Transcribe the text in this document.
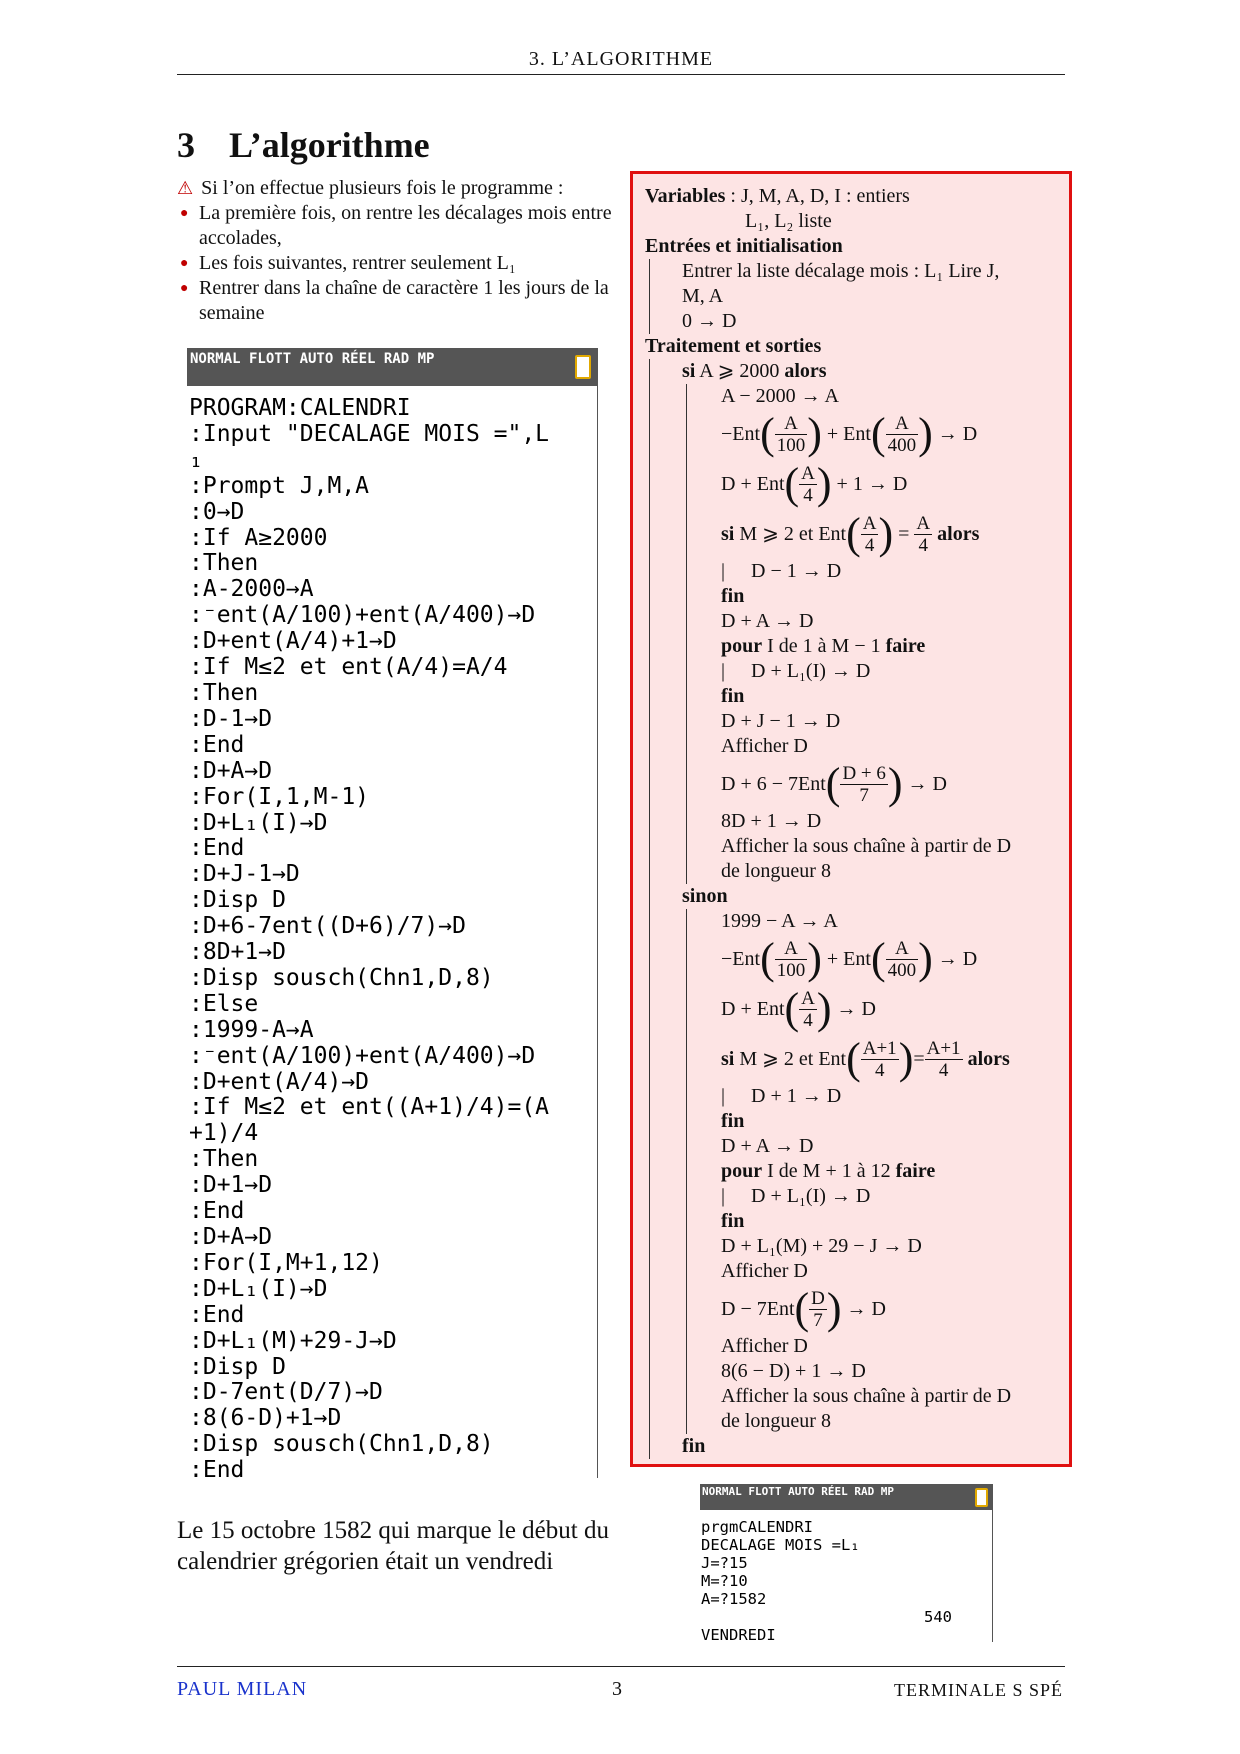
3. L’ALGORITHME
3 L’algorithme
⚠ Si l’on effectue plusieurs fois le programme :
● La première fois, on rentre les décalages mois entre accolades,
● Les fois suivantes, rentrer seulement L₁
● Rentrer dans la chaîne de caractère 1 les jours de la semaine
NORMAL FLOTT AUTO RÉEL RAD MP
PROGRAM:CALENDRI
:Input "DECALAGE MOIS =",L
₁
:Prompt J,M,A
:0→D
:If A≥2000
:Then
:A-2000→A
:⁻ent(A/100)+ent(A/400)→D
:D+ent(A/4)+1→D
:If M≤2 et ent(A/4)=A/4
:Then
:D-1→D
:End
:D+A→D
:For(I,1,M-1)
:D+L₁(I)→D
:End
:D+J-1→D
:Disp D
:D+6-7ent((D+6)/7)→D
:8D+1→D
:Disp sousch(Chn1,D,8)
:Else
:1999-A→A
:⁻ent(A/100)+ent(A/400)→D
:D+ent(A/4)→D
:If M≤2 et ent((A+1)/4)=(A
+1)/4
:Then
:D+1→D
:End
:D+A→D
:For(I,M+1,12)
:D+L₁(I)→D
:End
:D+L₁(M)+29-J→D
:Disp D
:D-7ent(D/7)→D
:8(6-D)+1→D
:Disp sousch(Chn1,D,8)
:End
Le 15 octobre 1582 qui marque le début du calendrier grégorien était un vendredi
Variables : J, M, A, D, I : entiers
L₁, L₂ liste
Entrées et initialisation
Entrer la liste décalage mois : L₁ Lire J,
M, A
0 → D
Traitement et sorties
si A ⩾ 2000 alors
A − 2000 → A
−Ent ( $\frac{A}{100}$ )
+ Ent ( $\frac{A}{400}$ )
→ D
D + Ent ( $\frac{A}{4}$ )
+ 1 → D
si
M ⩾ 2 et Ent ( $\frac{A}{4}$ )
=
$\frac{A}{4}$
alors
| D − 1 → D
fin
D + A → D
pour I de 1 à M − 1 faire
| D + L₁(I) → D
fin
D + J − 1 → D
Afficher D
D + 6 − 7Ent ( $\frac{D + 6}{7}$ )
→ D
8D + 1 → D
Afficher la sous chaîne à partir de D
de longueur 8
sinon
1999 − A → A
−Ent ( $\frac{A}{100}$ )
+ Ent ( $\frac{A}{400}$ )
→ D
D + Ent ( $\frac{A}{4}$ )
→ D
si
M ⩾ 2 et Ent ( $\frac{A+1}{4}$ ) = $\frac{A+1}{4}$
alors
| D + 1 → D
fin
D + A → D
pour I de M + 1 à 12 faire
| D + L₁(I) → D
fin
D + L₁(M) + 29 − J → D
Afficher D
D − 7Ent ( $\frac{D}{7}$ )
→ D
Afficher D
8(6 − D) + 1 → D
Afficher la sous chaîne à partir de D
de longueur 8
fin
NORMAL FLOTT AUTO RÉEL RAD MP
prgmCALENDRI
DECALAGE MOIS =L₁
J=?15
M=?10
A=?1582
540
VENDREDI
PAUL MILAN	3	TERMINALE S SPÉ
